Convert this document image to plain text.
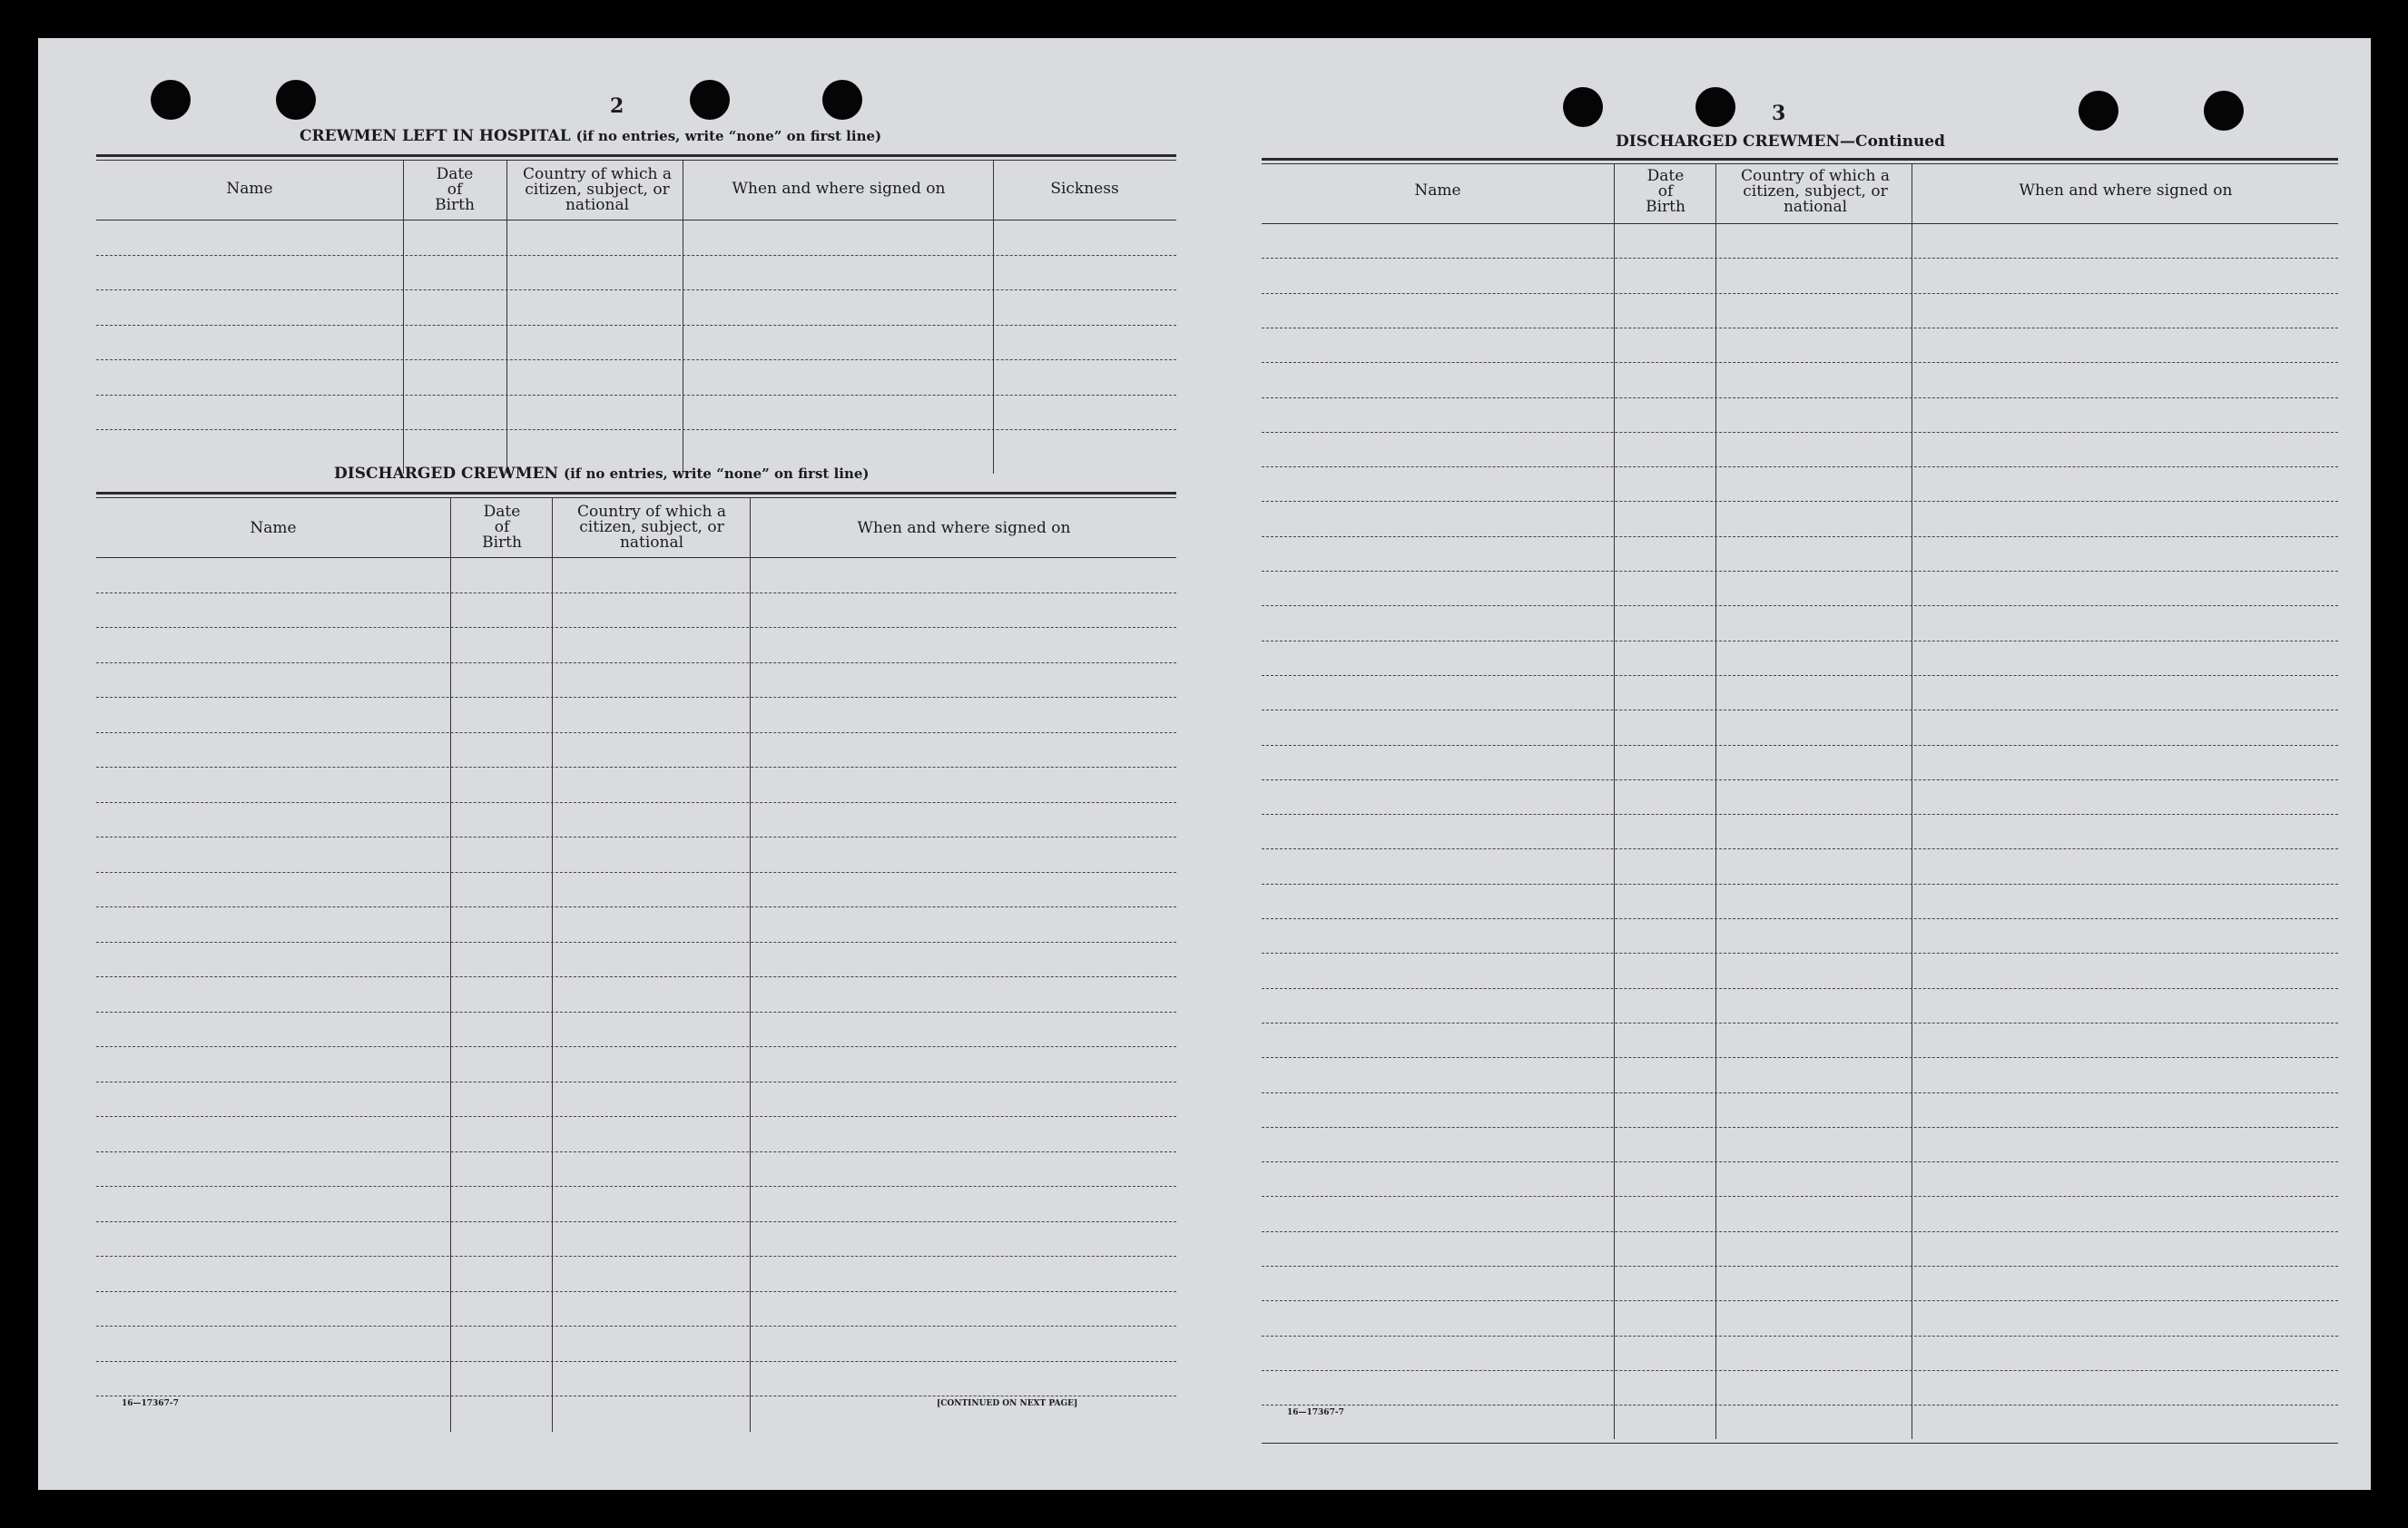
2
CREWMEN LEFT IN HOSPITAL (if no entries, write “none” on first line)
Name
Date
of
Birth
Country of which a citizen, subject, or national
When and where signed on	Sickness
DISCHARGED CREWMEN (if no entries, write “none” on first line)
Name
Date
of
Birth
Country of which a citizen, subject, or national
When and where signed on
16—17367-7	[CONTINUED ON NEXT PAGE]
3
DISCHARGED CREWMEN—Continued
Name
Date
of
Birth
Country of which a citizen, subject, or national
When and where signed on
16—17367-7
